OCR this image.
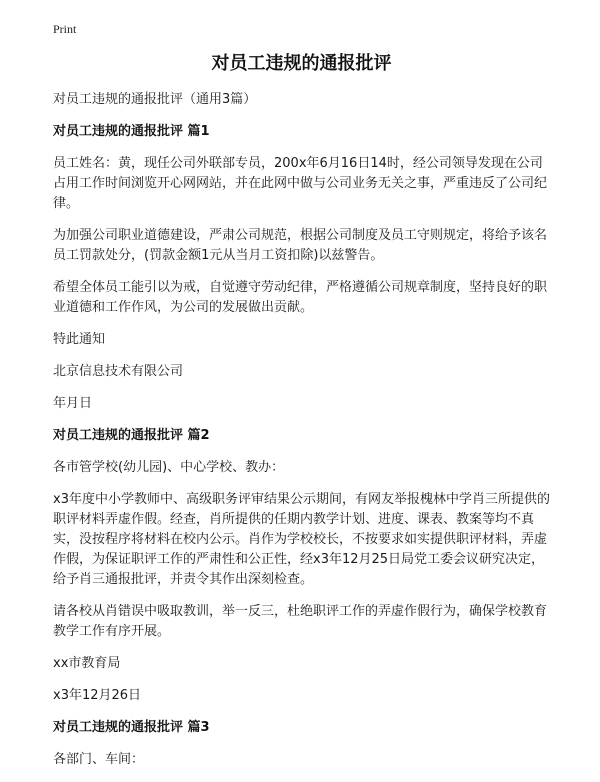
Print
对员工违规的通报批评
对员工违规的通报批评（通用3篇）
对员工违规的通报批评 篇1
员工姓名：黄，现任公司外联部专员，200x年6月16日14时，经公司领导发现在公司占用工作时间浏览开心网网站，并在此网中做与公司业务无关之事，严重违反了公司纪律。
为加强公司职业道德建设，严肃公司规范，根据公司制度及员工守则规定，将给予该名员工罚款处分，(罚款金额1元从当月工资扣除)以兹警告。
希望全体员工能引以为戒，自觉遵守劳动纪律，严格遵循公司规章制度，坚持良好的职业道德和工作作风，为公司的发展做出贡献。
特此通知
北京信息技术有限公司
年月日
对员工违规的通报批评 篇2
各市管学校(幼儿园)、中心学校、教办：
x3年度中小学教师中、高级职务评审结果公示期间，有网友举报槐林中学肖三所提供的职评材料弄虚作假。经查，肖所提供的任期内教学计划、进度、课表、教案等均不真实，没按程序将材料在校内公示。肖作为学校校长，不按要求如实提供职评材料，弄虚作假，为保证职评工作的严肃性和公正性，经x3年12月25日局党工委会议研究决定，给予肖三通报批评，并责令其作出深刻检查。
请各校从肖错误中吸取教训，举一反三，杜绝职评工作的弄虚作假行为，确保学校教育教学工作有序开展。
xx市教育局
x3年12月26日
对员工违规的通报批评 篇3
各部门、车间：
